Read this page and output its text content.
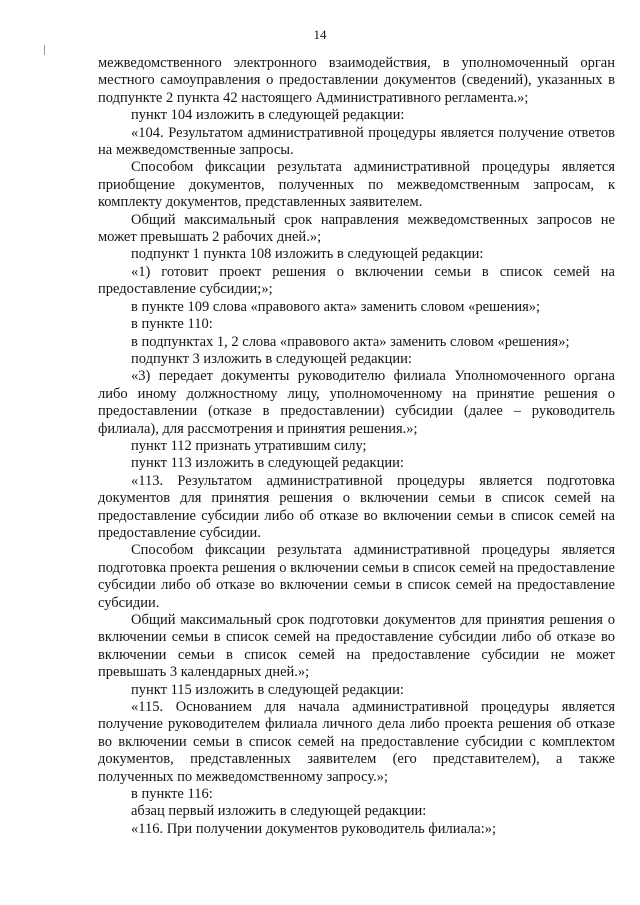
14

межведомственного электронного взаимодействия, в уполномоченный орган местного самоуправления о предоставлении документов (сведений), указанных в подпункте 2 пункта 42 настоящего Административного регламента.»;

пункт 104 изложить в следующей редакции:

«104. Результатом административной процедуры является получение ответов на межведомственные запросы.

Способом фиксации результата административной процедуры является приобщение документов, полученных по межведомственным запросам, к комплекту документов, представленных заявителем.

Общий максимальный срок направления межведомственных запросов не может превышать 2 рабочих дней.»;

подпункт 1 пункта 108 изложить в следующей редакции:

«1) готовит проект решения о включении семьи в список семей на предоставление субсидии;»;

в пункте 109 слова «правового акта» заменить словом «решения»;

в пункте 110:

в подпунктах 1, 2 слова «правового акта» заменить словом «решения»;

подпункт 3 изложить в следующей редакции:

«3) передает документы руководителю филиала Уполномоченного органа либо иному должностному лицу, уполномоченному на принятие решения о предоставлении (отказе в предоставлении) субсидии (далее – руководитель филиала), для рассмотрения и принятия решения.»;

пункт 112 признать утратившим силу;

пункт 113 изложить в следующей редакции:

«113. Результатом административной процедуры является подготовка документов для принятия решения о включении семьи в список семей на предоставление субсидии либо об отказе во включении семьи в список семей на предоставление субсидии.

Способом фиксации результата административной процедуры является подготовка проекта решения о включении семьи в список семей на предоставление субсидии либо об отказе во включении семьи в список семей на предоставление субсидии.

Общий максимальный срок подготовки документов для принятия решения о включении семьи в список семей на предоставление субсидии либо об отказе во включении семьи в список семей на предоставление субсидии не может превышать 3 календарных дней.»;

пункт 115 изложить в следующей редакции:

«115. Основанием для начала административной процедуры является получение руководителем филиала личного дела либо проекта решения об отказе во включении семьи в список семей на предоставление субсидии с комплектом документов, представленных заявителем (его представителем), а также полученных по межведомственному запросу.»;

в пункте 116:

абзац первый изложить в следующей редакции:

«116. При получении документов руководитель филиала:»;
